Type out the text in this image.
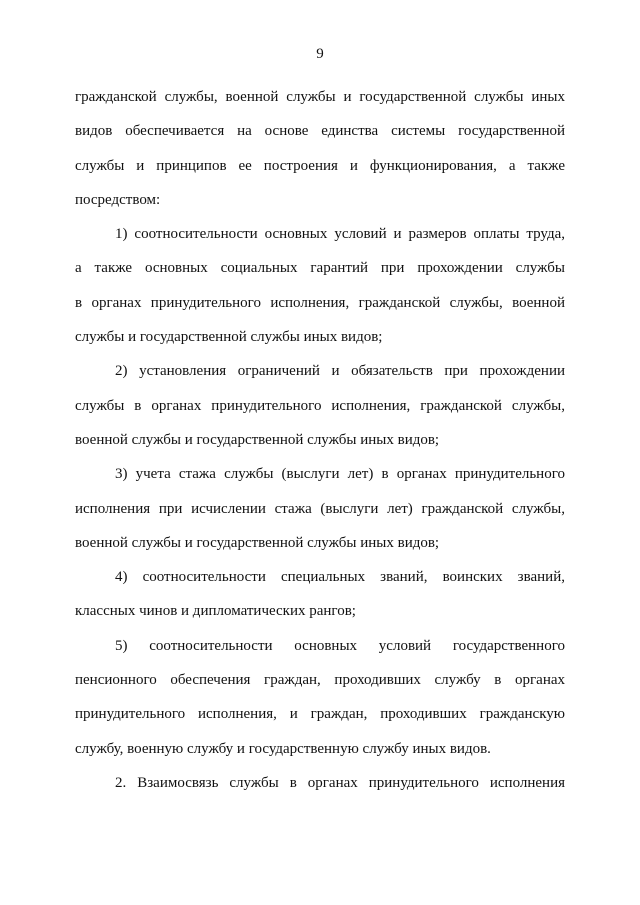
9

гражданской службы, военной службы и государственной службы иных
видов обеспечивается на основе единства системы государственной
службы и принципов ее построения и функционирования, а также
посредством:

1) соотносительности основных условий и размеров оплаты труда,
а также основных социальных гарантий при прохождении службы
в органах принудительного исполнения, гражданской службы, военной
службы и государственной службы иных видов;

2) установления ограничений и обязательств при прохождении
службы в органах принудительного исполнения, гражданской службы,
военной службы и государственной службы иных видов;

3) учета стажа службы (выслуги лет) в органах принудительного
исполнения при исчислении стажа (выслуги лет) гражданской службы,
военной службы и государственной службы иных видов;

4) соотносительности специальных званий, воинских званий,
классных чинов и дипломатических рангов;

5) соотносительности основных условий государственного
пенсионного обеспечения граждан, проходивших службу в органах
принудительного исполнения, и граждан, проходивших гражданскую
службу, военную службу и государственную службу иных видов.

2. Взаимосвязь службы в органах принудительного исполнения
